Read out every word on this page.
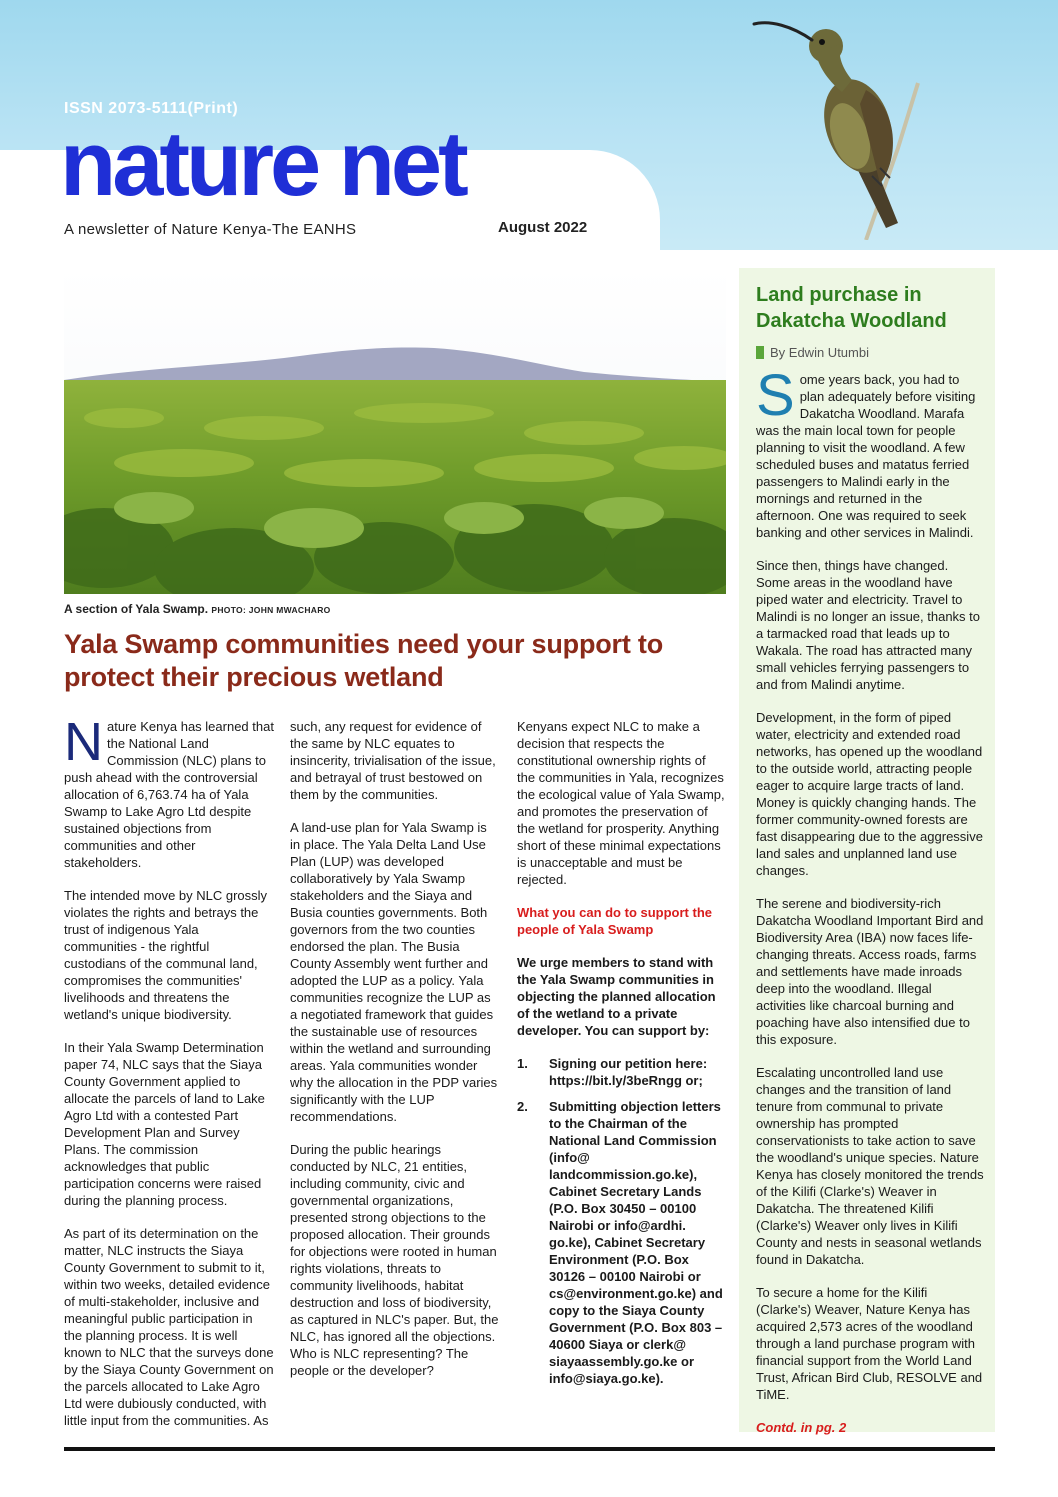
ISSN 2073-5111(Print)
nature net
A newsletter of Nature Kenya-The EANHS	August 2022
A section of Yala Swamp. PHOTO: JOHN MWACHARO
Yala Swamp communities need your support to protect their precious wetland

Nature Kenya has learned that the National Land Commission (NLC) plans to push ahead with the controversial allocation of 6,763.74 ha of Yala Swamp to Lake Agro Ltd despite sustained objections from communities and other stakeholders.

The intended move by NLC grossly violates the rights and betrays the trust of indigenous Yala communities - the rightful custodians of the communal land, compromises the communities' livelihoods and threatens the wetland's unique biodiversity.

In their Yala Swamp Determination paper 74, NLC says that the Siaya County Government applied to allocate the parcels of land to Lake Agro Ltd with a contested Part Development Plan and Survey Plans. The commission acknowledges that public participation concerns were raised during the planning process.

As part of its determination on the matter, NLC instructs the Siaya County Government to submit to it, within two weeks, detailed evidence of multi-stakeholder, inclusive and meaningful public participation in the planning process. It is well known to NLC that the surveys done by the Siaya County Government on the parcels allocated to Lake Agro Ltd were dubiously conducted, with little input from the communities. As

such, any request for evidence of the same by NLC equates to insincerity, trivialisation of the issue, and betrayal of trust bestowed on them by the communities.

A land-use plan for Yala Swamp is in place. The Yala Delta Land Use Plan (LUP) was developed collaboratively by Yala Swamp stakeholders and the Siaya and Busia counties governments. Both governors from the two counties endorsed the plan. The Busia County Assembly went further and adopted the LUP as a policy. Yala communities recognize the LUP as a negotiated framework that guides the sustainable use of resources within the wetland and surrounding areas. Yala communities wonder why the allocation in the PDP varies significantly with the LUP recommendations.

During the public hearings conducted by NLC, 21 entities, including community, civic and governmental organizations, presented strong objections to the proposed allocation. Their grounds for objections were rooted in human rights violations, threats to community livelihoods, habitat destruction and loss of biodiversity, as captured in NLC's paper. But, the NLC, has ignored all the objections. Who is NLC representing? The people or the developer?

Kenyans expect NLC to make a decision that respects the constitutional ownership rights of the communities in Yala, recognizes the ecological value of Yala Swamp, and promotes the preservation of the wetland for prosperity. Anything short of these minimal expectations is unacceptable and must be rejected.

What you can do to support the people of Yala Swamp

We urge members to stand with the Yala Swamp communities in objecting the planned allocation of the wetland to a private developer. You can support by:

1.	Signing our petition here: https://bit.ly/3beRngg or;
2.	Submitting objection letters to the Chairman of the National Land Commission (info@ landcommission.go.ke), Cabinet Secretary Lands (P.O. Box 30450 – 00100 Nairobi or info@ardhi. go.ke), Cabinet Secretary Environment (P.O. Box 30126 – 00100 Nairobi or cs@environment.go.ke) and copy to the Siaya County Government (P.O. Box 803 – 40600 Siaya or clerk@ siayaassembly.go.ke or info@siaya.go.ke).
Land purchase in Dakatcha Woodland
By Edwin Utumbi

Some years back, you had to plan adequately before visiting Dakatcha Woodland. Marafa was the main local town for people planning to visit the woodland. A few scheduled buses and matatus ferried passengers to Malindi early in the mornings and returned in the afternoon. One was required to seek banking and other services in Malindi.

Since then, things have changed. Some areas in the woodland have piped water and electricity. Travel to Malindi is no longer an issue, thanks to a tarmacked road that leads up to Wakala. The road has attracted many small vehicles ferrying passengers to and from Malindi anytime.

Development, in the form of piped water, electricity and extended road networks, has opened up the woodland to the outside world, attracting people eager to acquire large tracts of land. Money is quickly changing hands. The former community-owned forests are fast disappearing due to the aggressive land sales and unplanned land use changes.

The serene and biodiversity-rich Dakatcha Woodland Important Bird and Biodiversity Area (IBA) now faces life-changing threats. Access roads, farms and settlements have made inroads deep into the woodland. Illegal activities like charcoal burning and poaching have also intensified due to this exposure.

Escalating uncontrolled land use changes and the transition of land tenure from communal to private ownership has prompted conservationists to take action to save the woodland's unique species. Nature Kenya has closely monitored the trends of the Kilifi (Clarke's) Weaver in Dakatcha. The threatened Kilifi (Clarke's) Weaver only lives in Kilifi County and nests in seasonal wetlands found in Dakatcha.

To secure a home for the Kilifi (Clarke's) Weaver, Nature Kenya has acquired 2,573 acres of the woodland through a land purchase program with financial support from the World Land Trust, African Bird Club, RESOLVE and TiME.

Contd. in pg. 2
